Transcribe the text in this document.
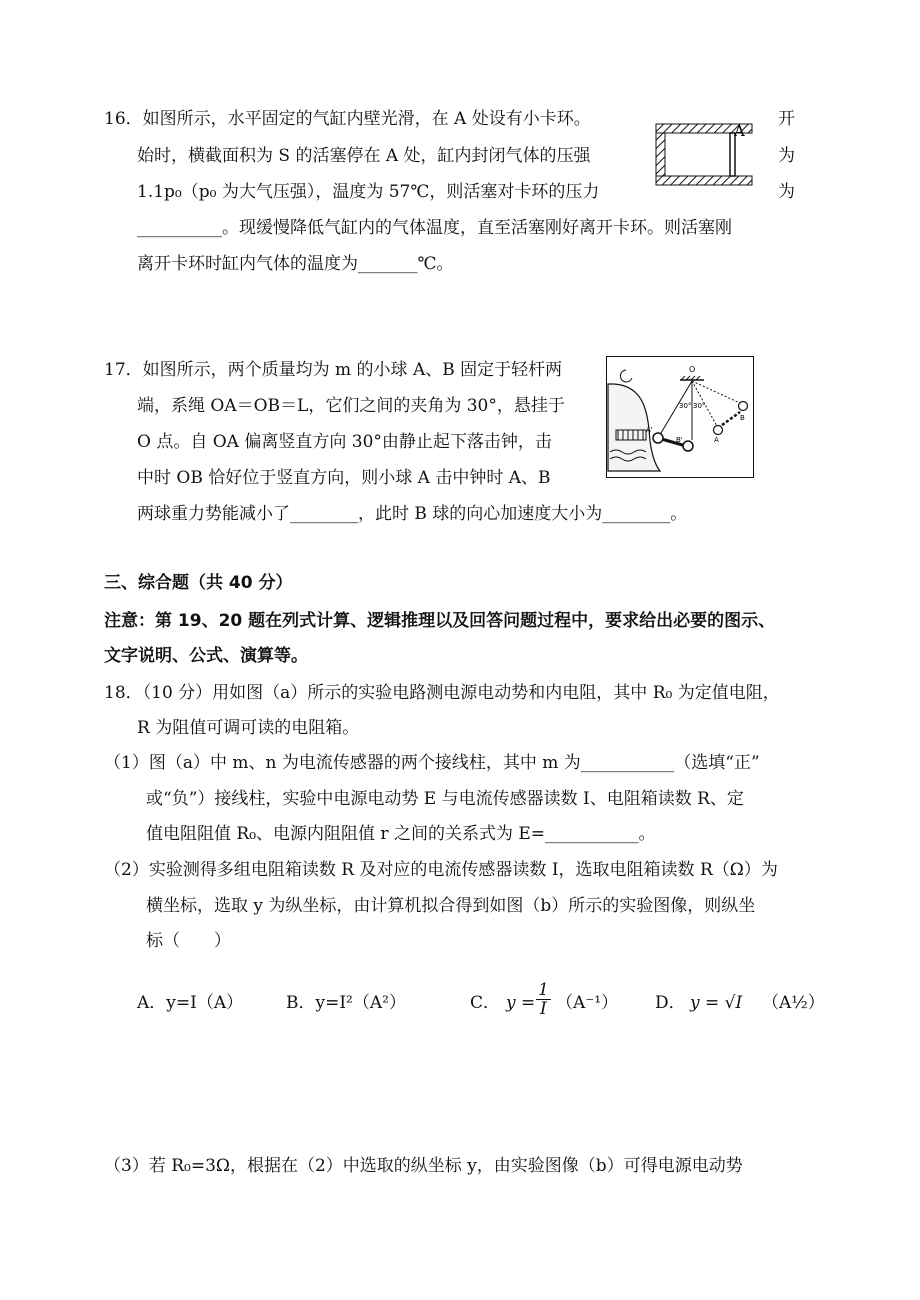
16．如图所示，水平固定的气缸内壁光滑，在 A 处设有小卡环。	开
始时，横截面积为 S 的活塞停在 A 处，缸内封闭气体的压强	为
1.1p₀（p₀ 为大气压强），温度为 57℃，则活塞对卡环的压力	为
__________。现缓慢降低气缸内的气体温度，直至活塞刚好离开卡环。则活塞刚
离开卡环时缸内气体的温度为_______℃。
A
17．如图所示，两个质量均为 m 的小球 A、B 固定于轻杆两
端，系绳 OA＝OB＝L，它们之间的夹角为 30°，悬挂于
O 点。自 OA 偏离竖直方向 30°由静止起下落击钟，击
中时 OB 恰好位于竖直方向，则小球 A 击中钟时 A、B
两球重力势能减小了________，此时 B 球的向心加速度大小为________。
O
30° 30°
A
B
A'
B'
三、综合题（共 40 分）
注意：第 19、20 题在列式计算、逻辑推理以及回答问题过程中，要求给出必要的图示、
文字说明、公式、演算等。
18．（10 分）用如图（a）所示的实验电路测电源电动势和内电阻，其中 R₀ 为定值电阻，
R 为阻值可调可读的电阻箱。
（1）图（a）中 m、n 为电流传感器的两个接线柱，其中 m 为___________（选填“正”
或“负”）接线柱，实验中电源电动势 E 与电流传感器读数 I、电阻箱读数 R、定
值电阻阻值 R₀、电源内阻阻值 r 之间的关系式为 E=___________。
（2）实验测得多组电阻箱读数 R 及对应的电流传感器读数 I，选取电阻箱读数 R（Ω）为
横坐标，选取 y 为纵坐标，由计算机拟合得到如图（b）所示的实验图像，则纵坐
标（　　）
A．y=I（A）	B．y=I²（A²）	C． $y = \frac{1}{I} (A^{-1})$ D． y = √I （A½）
（3）若 R₀=3Ω，根据在（2）中选取的纵坐标 y，由实验图像（b）可得电源电动势
